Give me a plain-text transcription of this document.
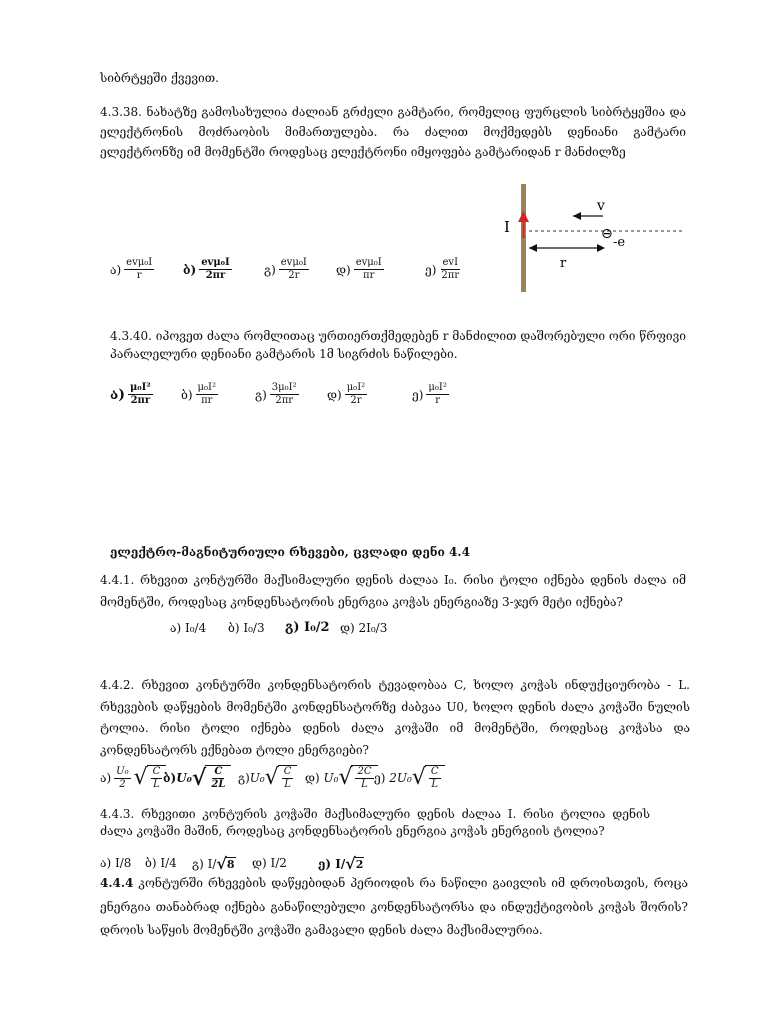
სიბრტყეში ქვევით.
4.3.38. ნახატზე გამოსახულია ძალიან გრძელი გამტარი, რომელიც ფურცლის სიბრტყეშია და ელექტრონის მოძრაობის მიმართულება. რა ძალით მოქმედებს დენიანი გამტარი ელექტრონზე იმ მომენტში როდესაც ელექტრონი იმყოფება გამტარიდან r მანძილზე
I
v
⊖
-e
r
ა) $\frac{\text{evμ₀I}}{r}$ ბ) $\frac{\text{evμ₀I}}{2\pi r}$	გ) $\frac{\text{evμ₀I}}{2r}$ დ) $\frac{\text{evμ₀I}}{\pi r}$	ე) $\frac{\text{evI}}{2\pi r}$
4.3.40. იპოვეთ ძალა რომლითაც ურთიერთქმედებენ r მანძილით დაშორებული ორი წრფივი პარალელური დენიანი გამტარის 1მ სიგრძის ნაწილები.
ა) $\frac{\text{μ₀I²}}{2\pi r}$ ბ) $\frac{\text{μ₀I²}}{\pi r}$	გ) $\frac{\text{3μ₀I²}}{2\pi r}$ დ) $\frac{\text{μ₀I²}}{2r}$	ე) $\frac{\text{μ₀I²}}{r}$
ელექტრო-მაგნიტურიული რხევები, ცვლადი დენი 4.4
4.4.1. რხევით კონტურში მაქსიმალური დენის ძალაა I₀. რისი ტოლი იქნება დენის ძალა იმ მომენტში, როდესაც კონდენსატორის ენერგია კოჭას ენერგიაზე 3-ჯერ მეტი იქნება?
ა) I₀/4 ბ) I₀/3 გ) I₀/2 დ) 2I₀/3
4.4.2. რხევით კონტურში კონდენსატორის ტევადობაა C, ხოლო კოჭას ინდუქციურობა - L. რხევების დაწყების მომენტში კონდენსატორზე ძაბვაა U0, ხოლო დენის ძალა კოჭაში ნულის ტოლია. რისი ტოლი იქნება დენის ძალა კოჭაში იმ მომენტში, როდესაც კოჭასა და კონდენსატორს ექნებათ ტოლი ენერგიები?
ა) $\frac{\text{U₀}}{2}$ √ $\frac{C}{L}$ ბ) U₀ √ $\frac{C}{2L}$ გ) U₀ √ $\frac{C}{L}$ დ)
U₀ √ $\frac{2C}{L}$ ე)
2U₀ √ $\frac{C}{L}$
4.4.3. რხევითი კონტურის კოჭაში მაქსიმალური დენის ძალაა I. რისი ტოლია დენის ძალა კოჭაში მაშინ, როდესაც კონდენსატორის ენერგია კოჭას ენერგიის ტოლია?
ა)
I/8 ბ)
I/4 გ)
I/ √ 8 დ)
I/2	ე)
I/ √ 2
4.4.4 კონტურში რხევების დაწყებიდან პერიოდის რა ნაწილი გაივლის იმ დროისთვის, როცა ენერგია თანაბრად იქნება განაწილებული კონდენსატორსა და ინდუქტივობის კოჭას შორის? დროის საწყის მომენტში კოჭაში გამავალი დენის ძალა მაქსიმალურია.
